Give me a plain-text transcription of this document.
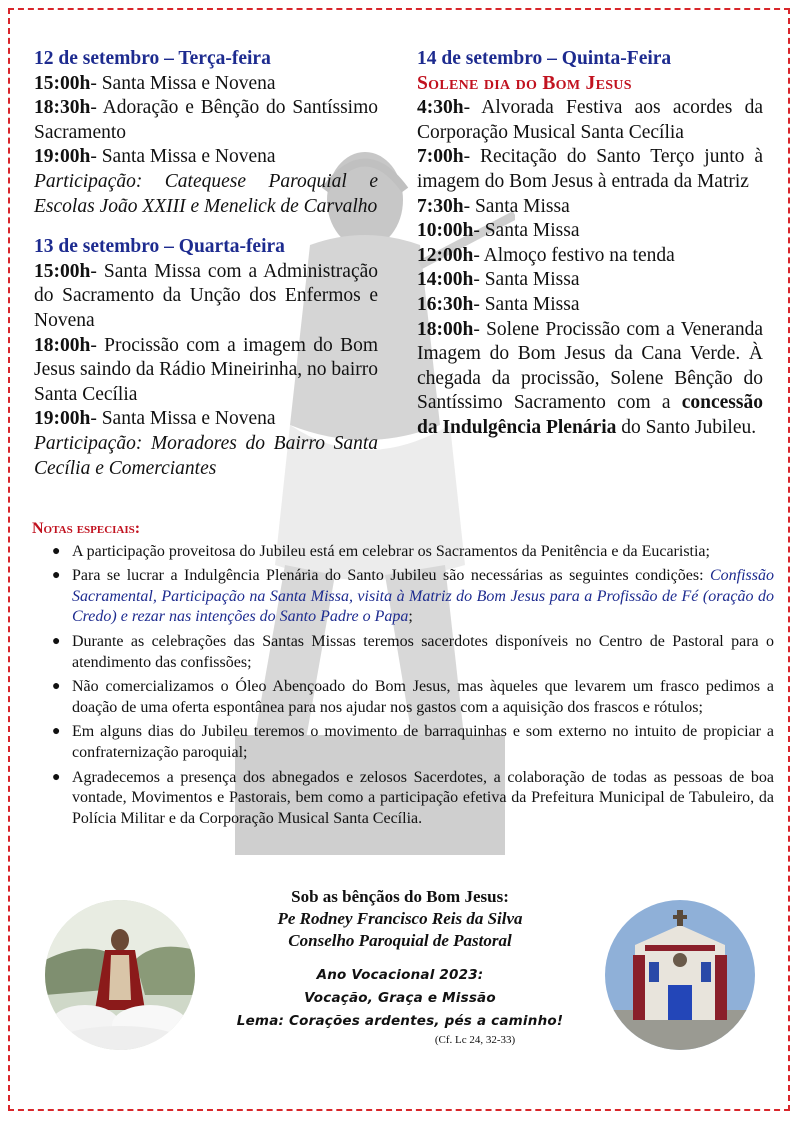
12 de setembro – Terça-feira

15:00h- Santa Missa e Novena

18:30h- Adoração e Bênção do Santíssimo Sacramento

19:00h- Santa Missa e Novena

Participação: Catequese Paroquial e Escolas João XXIII e Menelick de Carvalho

13 de setembro – Quarta-feira

15:00h- Santa Missa com a Administração do Sacramento da Unção dos Enfermos e Novena

18:00h- Procissão com a imagem do Bom Jesus saindo da Rádio Mineirinha, no bairro Santa Cecília

19:00h- Santa Missa e Novena

Participação: Moradores do Bairro Santa Cecília e Comerciantes

14 de setembro – Quinta-Feira

Solene dia do Bom Jesus

4:30h- Alvorada Festiva aos acordes da Corporação Musical Santa Cecília

7:00h- Recitação do Santo Terço junto à imagem do Bom Jesus à entrada da Matriz

7:30h- Santa Missa

10:00h- Santa Missa

12:00h- Almoço festivo na tenda

14:00h- Santa Missa

16:30h- Santa Missa

18:00h- Solene Procissão com a Veneranda Imagem do Bom Jesus da Cana Verde. À chegada da procissão, Solene Bênção do Santíssimo Sacramento com a concessão da Indulgência Plenária do Santo Jubileu.

Notas especiais:

● A participação proveitosa do Jubileu está em celebrar os Sacramentos da Penitência e da Eucaristia;
● Para se lucrar a Indulgência Plenária do Santo Jubileu são necessárias as seguintes condições: Confissão Sacramental, Participação na Santa Missa, visita à Matriz do Bom Jesus para a Profissão de Fé (oração do Credo) e rezar nas intenções do Santo Padre o Papa;
● Durante as celebrações das Santas Missas teremos sacerdotes disponíveis no Centro de Pastoral para o atendimento das confissões;
● Não comercializamos o Óleo Abençoado do Bom Jesus, mas àqueles que levarem um frasco pedimos a doação de uma oferta espontânea para nos ajudar nos gastos com a aquisição dos frascos e rótulos;
● Em alguns dias do Jubileu teremos o movimento de barraquinhas e som externo no intuito de propiciar a confraternização paroquial;
● Agradecemos a presença dos abnegados e zelosos Sacerdotes, a colaboração de todas as pessoas de boa vontade, Movimentos e Pastorais, bem como a participação efetiva da Prefeitura Municipal de Tabuleiro, da Polícia Militar e da Corporação Musical Santa Cecília.

Sob as bênçãos do Bom Jesus:

Pe Rodney Francisco Reis da Silva

Conselho Paroquial de Pastoral

Ano Vocacional 2023:

Vocação, Graça e Missão

Lema: Corações ardentes, pés a caminho!

(Cf. Lc 24, 32-33)
